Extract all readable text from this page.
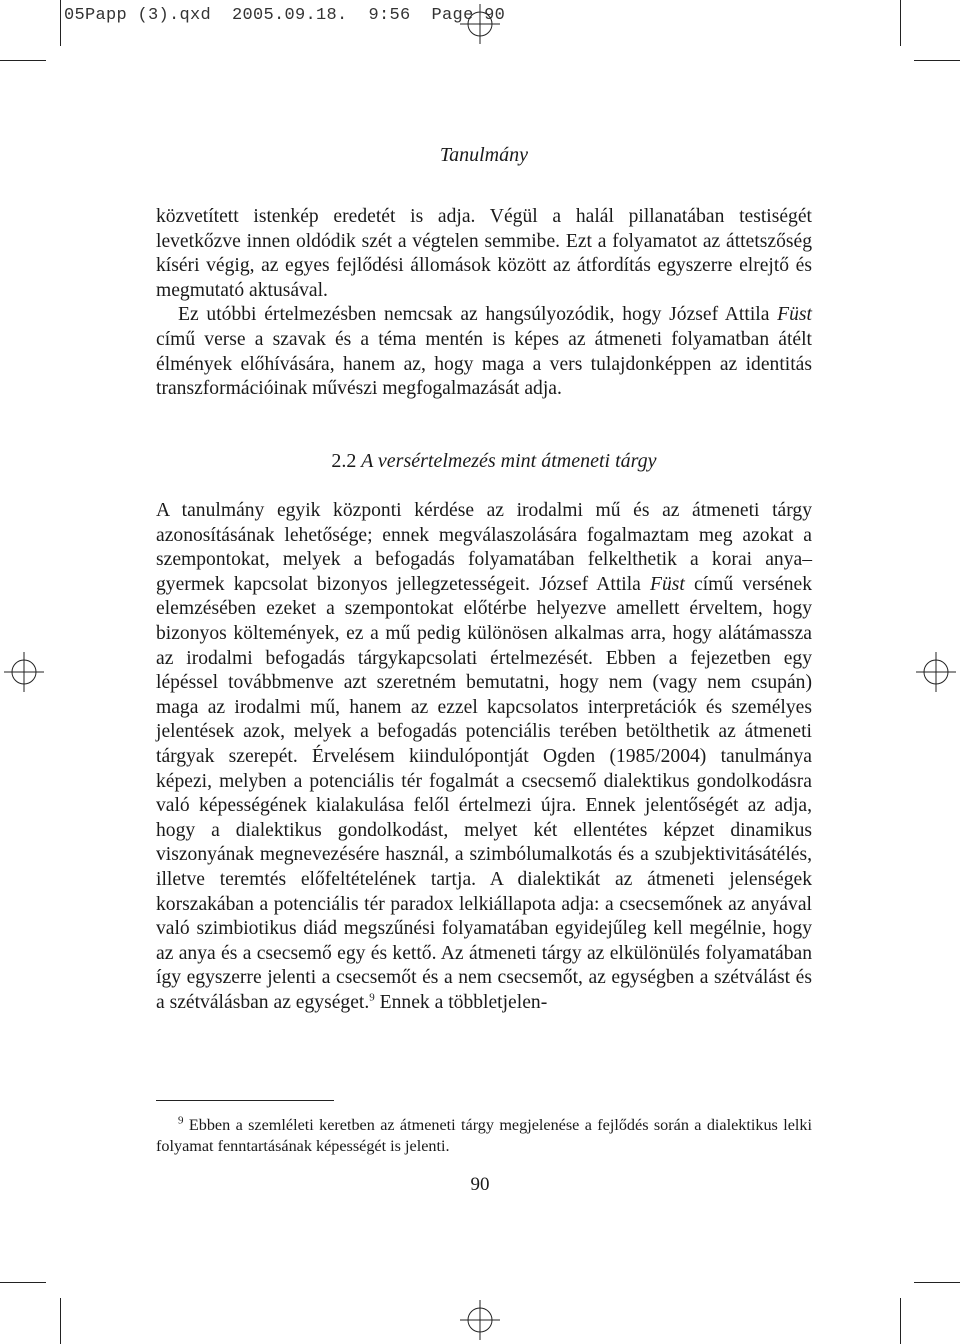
05Papp (3).qxd  2005.09.18.  9:56  Page 90
Tanulmány

közvetített istenkép eredetét is adja. Végül a halál pillanatában testiségét levetkőzve innen oldódik szét a végtelen semmibe. Ezt a folyamatot az áttetszőség kíséri végig, az egyes fejlődési állomások között az átfordítás egyszerre elrejtő és megmutató aktusával.

Ez utóbbi értelmezésben nemcsak az hangsúlyozódik, hogy József Attila Füst című verse a szavak és a téma mentén is képes az átmeneti folyamatban átélt élmények előhívására, hanem az, hogy maga a vers tulajdonképpen az identitás transzformációinak művészi megfogalmazását adja.

2.2 A versértelmezés mint átmeneti tárgy

A tanulmány egyik központi kérdése az irodalmi mű és az átmeneti tárgy azonosításának lehetősége; ennek megválaszolására fogalmaztam meg azokat a szempontokat, melyek a befogadás folyamatában felkelthetik a korai anya–gyermek kapcsolat bizonyos jellegzetességeit. József Attila Füst című versének elemzésében ezeket a szempontokat előtérbe helyezve amellett érveltem, hogy bizonyos költemények, ez a mű pedig különösen alkalmas arra, hogy alátámassza az irodalmi befogadás tárgykapcsolati értelmezését. Ebben a fejezetben egy lépéssel továbbmenve azt szeretném bemutatni, hogy nem (vagy nem csupán) maga az irodalmi mű, hanem az ezzel kapcsolatos interpretációk és személyes jelentések azok, melyek a befogadás potenciális terében betölthetik az átmeneti tárgyak szerepét. Érvelésem kiindulópontját Ogden (1985/2004) tanulmánya képezi, melyben a potenciális tér fogalmát a csecsemő dialektikus gondolkodásra való képességének kialakulása felől értelmezi újra. Ennek jelentőségét az adja, hogy a dialektikus gondolkodást, melyet két ellentétes képzet dinamikus viszonyának megnevezésére használ, a szimbólumalkotás és a szubjektivitásátélés, illetve teremtés előfeltételének tartja. A dialektikát az átmeneti jelenségek korszakában a potenciális tér paradox lelkiállapota adja: a csecsemőnek az anyával való szimbiotikus diád megszűnési folyamatában egyidejűleg kell megélnie, hogy az anya és a csecsemő egy és kettő. Az átmeneti tárgy az elkülönülés folyamatában így egyszerre jelenti a csecsemőt és a nem csecsemőt, az egységben a szétválást és a szétválásban az egységet.$^9$ Ennek a többletjelen-

$^9$ Ebben a szemléleti keretben az átmeneti tárgy megjelenése a fejlődés során a dialektikus lelki folyamat fenntartásának képességét is jelenti.
90
